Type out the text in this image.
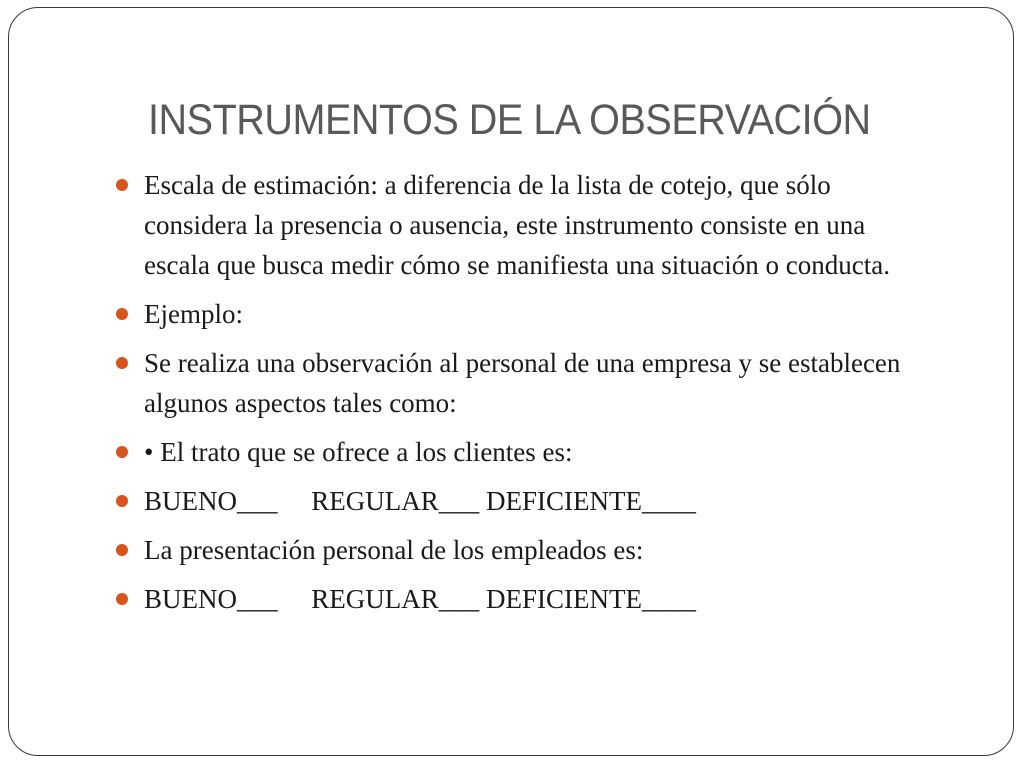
INSTRUMENTOS DE LA OBSERVACIÓN
Escala de estimación: a diferencia de la lista de cotejo, que sólo considera la presencia o ausencia, este instrumento consiste en una escala que busca medir cómo se manifiesta una situación o conducta.
Ejemplo:
Se realiza una observación al personal de una empresa y se establecen algunos aspectos tales como:
• El trato que se ofrece a los clientes es:
BUENO___     REGULAR___ DEFICIENTE____
La presentación personal de los empleados es:
BUENO___     REGULAR___ DEFICIENTE____
